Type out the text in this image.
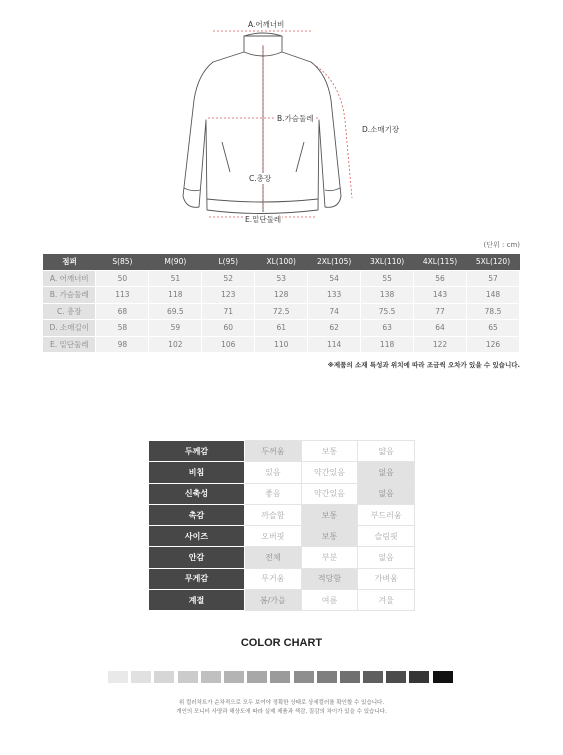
A.어깨너비
B.가슴둘레
D.소매기장
C.총장
E.밑단둘레
(단위 : cm)
점퍼	S(85)	M(90)	L(95)	XL(100)	2XL(105)	3XL(110)	4XL(115)	5XL(120)
A. 어깨너비	50	51	52	53	54	55	56	57
B. 가슴둘레	113	118	123	128	133	138	143	148
C. 총장	68	69.5	71	72.5	74	75.5	77	78.5
D. 소매길이	58	59	60	61	62	63	64	65
E. 밑단둘레	98	102	106	110	114	118	122	126
※제품의 소재 특성과 위치에 따라 조금씩 오차가 있을 수 있습니다.
두께감	두꺼움	보통	얇음
비침	있음	약간있음	없음
신축성	좋음	약간있음	없음
촉감	까슬함	보통	부드러움
사이즈	오버핏	보통	슬림핏
안감	전체	부분	없음
무게감	무거움	적당함	가벼움
계절	봄/가을	여름	겨울
COLOR CHART
위 컬러차트가 순차적으로 모두 보여야 정확한 상태로 상세컬러를 확인할 수 있습니다.
개인의 모니터 사양과 해상도에 따라 실제 제품과 색감, 질감의 차이가 있을 수 있습니다.
